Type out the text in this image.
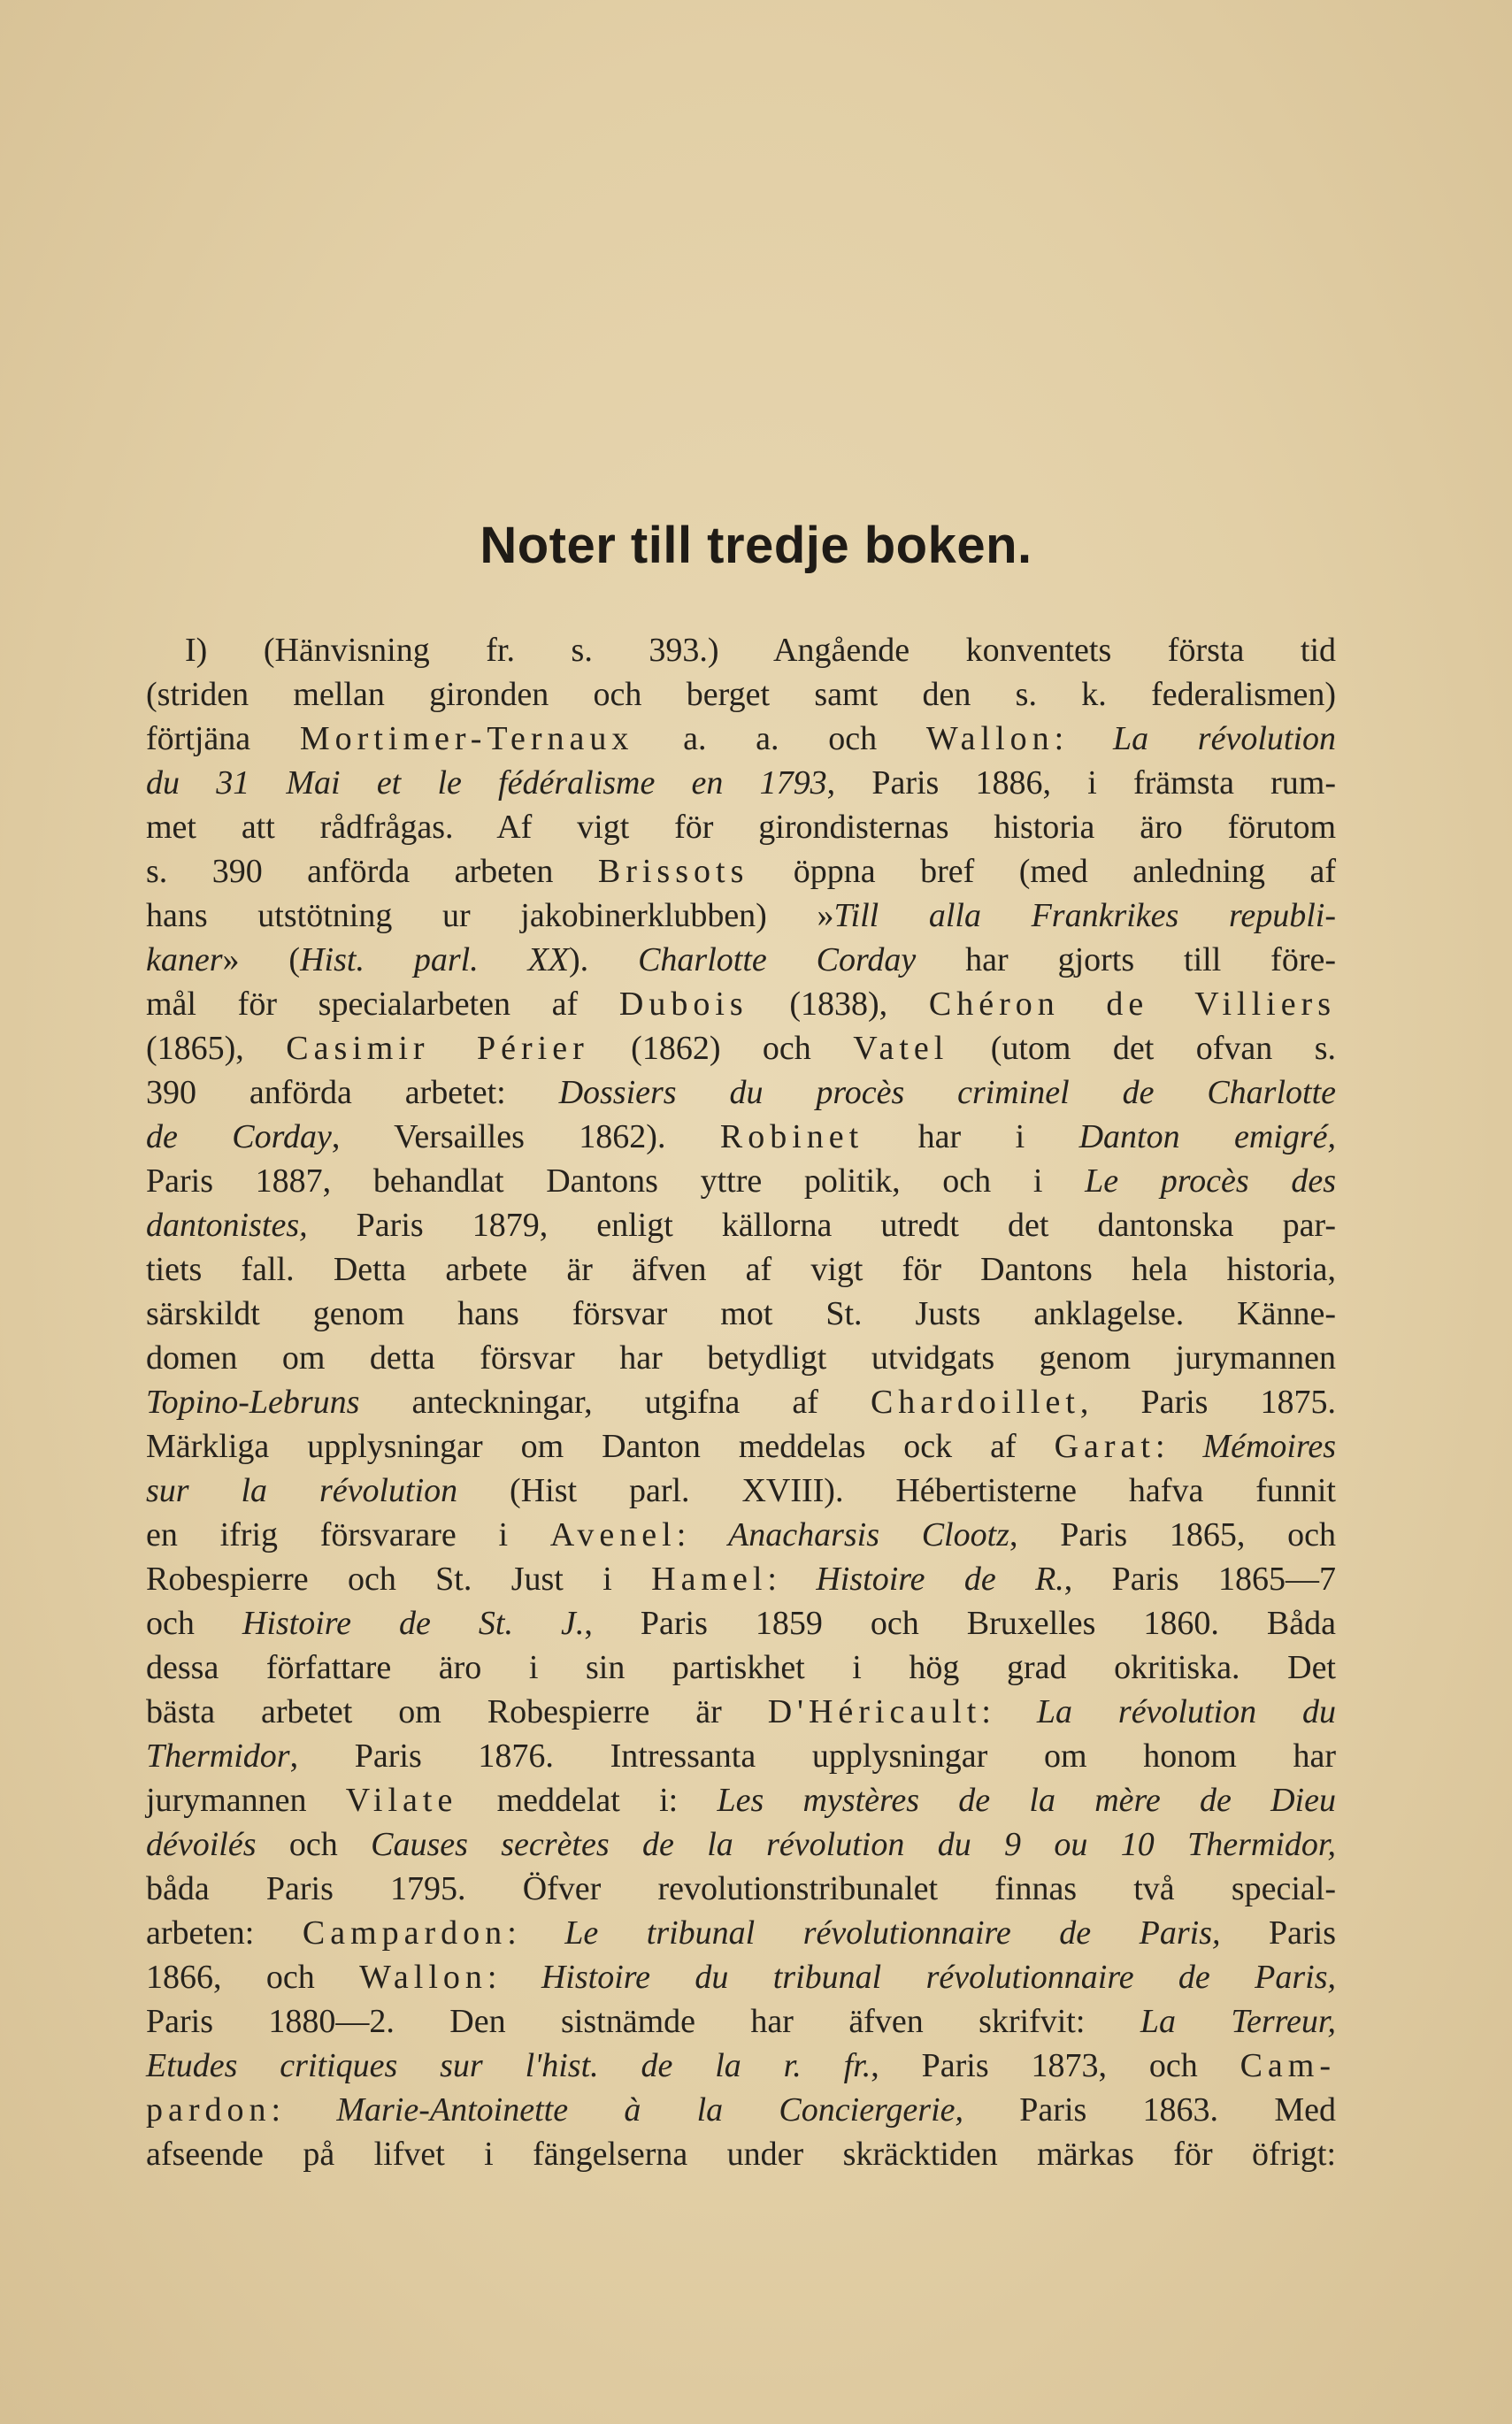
Noter till tredje boken.
I) (Hänvisning fr. s. 393.) Angående konventets första tid
(striden mellan gironden och berget samt den s. k. federalismen)
förtjäna Mortimer-Ternaux a. a. och Wallon: La révolution
du 31 Mai et le fédéralisme en 1793, Paris 1886, i främsta rum-
met att rådfrågas. Af vigt för girondisternas historia äro förutom
s. 390 anförda arbeten Brissots öppna bref (med anledning af
hans utstötning ur jakobinerklubben) »Till alla Frankrikes republi-
kaner» (Hist. parl. XX). Charlotte Corday har gjorts till före-
mål för specialarbeten af Dubois (1838), Chéron de Villiers
(1865), Casimir Périer (1862) och Vatel (utom det ofvan s.
390 anförda arbetet: Dossiers du procès criminel de Charlotte
de Corday, Versailles 1862). Robinet har i Danton emigré,
Paris 1887, behandlat Dantons yttre politik, och i Le procès des
dantonistes, Paris 1879, enligt källorna utredt det dantonska par-
tiets fall. Detta arbete är äfven af vigt för Dantons hela historia,
särskildt genom hans försvar mot St. Justs anklagelse. Känne-
domen om detta försvar har betydligt utvidgats genom jurymannen
Topino-Lebruns anteckningar, utgifna af Chardoillet, Paris 1875.
Märkliga upplysningar om Danton meddelas ock af Garat: Mémoires
sur la révolution (Hist parl. XVIII). Hébertisterne hafva funnit
en ifrig försvarare i Avenel: Anacharsis Clootz, Paris 1865, och
Robespierre och St. Just i Hamel: Histoire de R., Paris 1865—7
och Histoire de St. J., Paris 1859 och Bruxelles 1860. Båda
dessa författare äro i sin partiskhet i hög grad okritiska. Det
bästa arbetet om Robespierre är D'Héricault: La révolution du
Thermidor, Paris 1876. Intressanta upplysningar om honom har
jurymannen Vilate meddelat i: Les mystères de la mère de Dieu
dévoilés och Causes secrètes de la révolution du 9 ou 10 Thermidor,
båda Paris 1795. Öfver revolutionstribunalet finnas två special-
arbeten: Campardon: Le tribunal révolutionnaire de Paris, Paris
1866, och Wallon: Histoire du tribunal révolutionnaire de Paris,
Paris 1880—2. Den sistnämde har äfven skrifvit: La Terreur,
Etudes critiques sur l'hist. de la r. fr., Paris 1873, och Cam-
pardon: Marie-Antoinette à la Conciergerie, Paris 1863. Med
afseende på lifvet i fängelserna under skräcktiden märkas för öfrigt:
